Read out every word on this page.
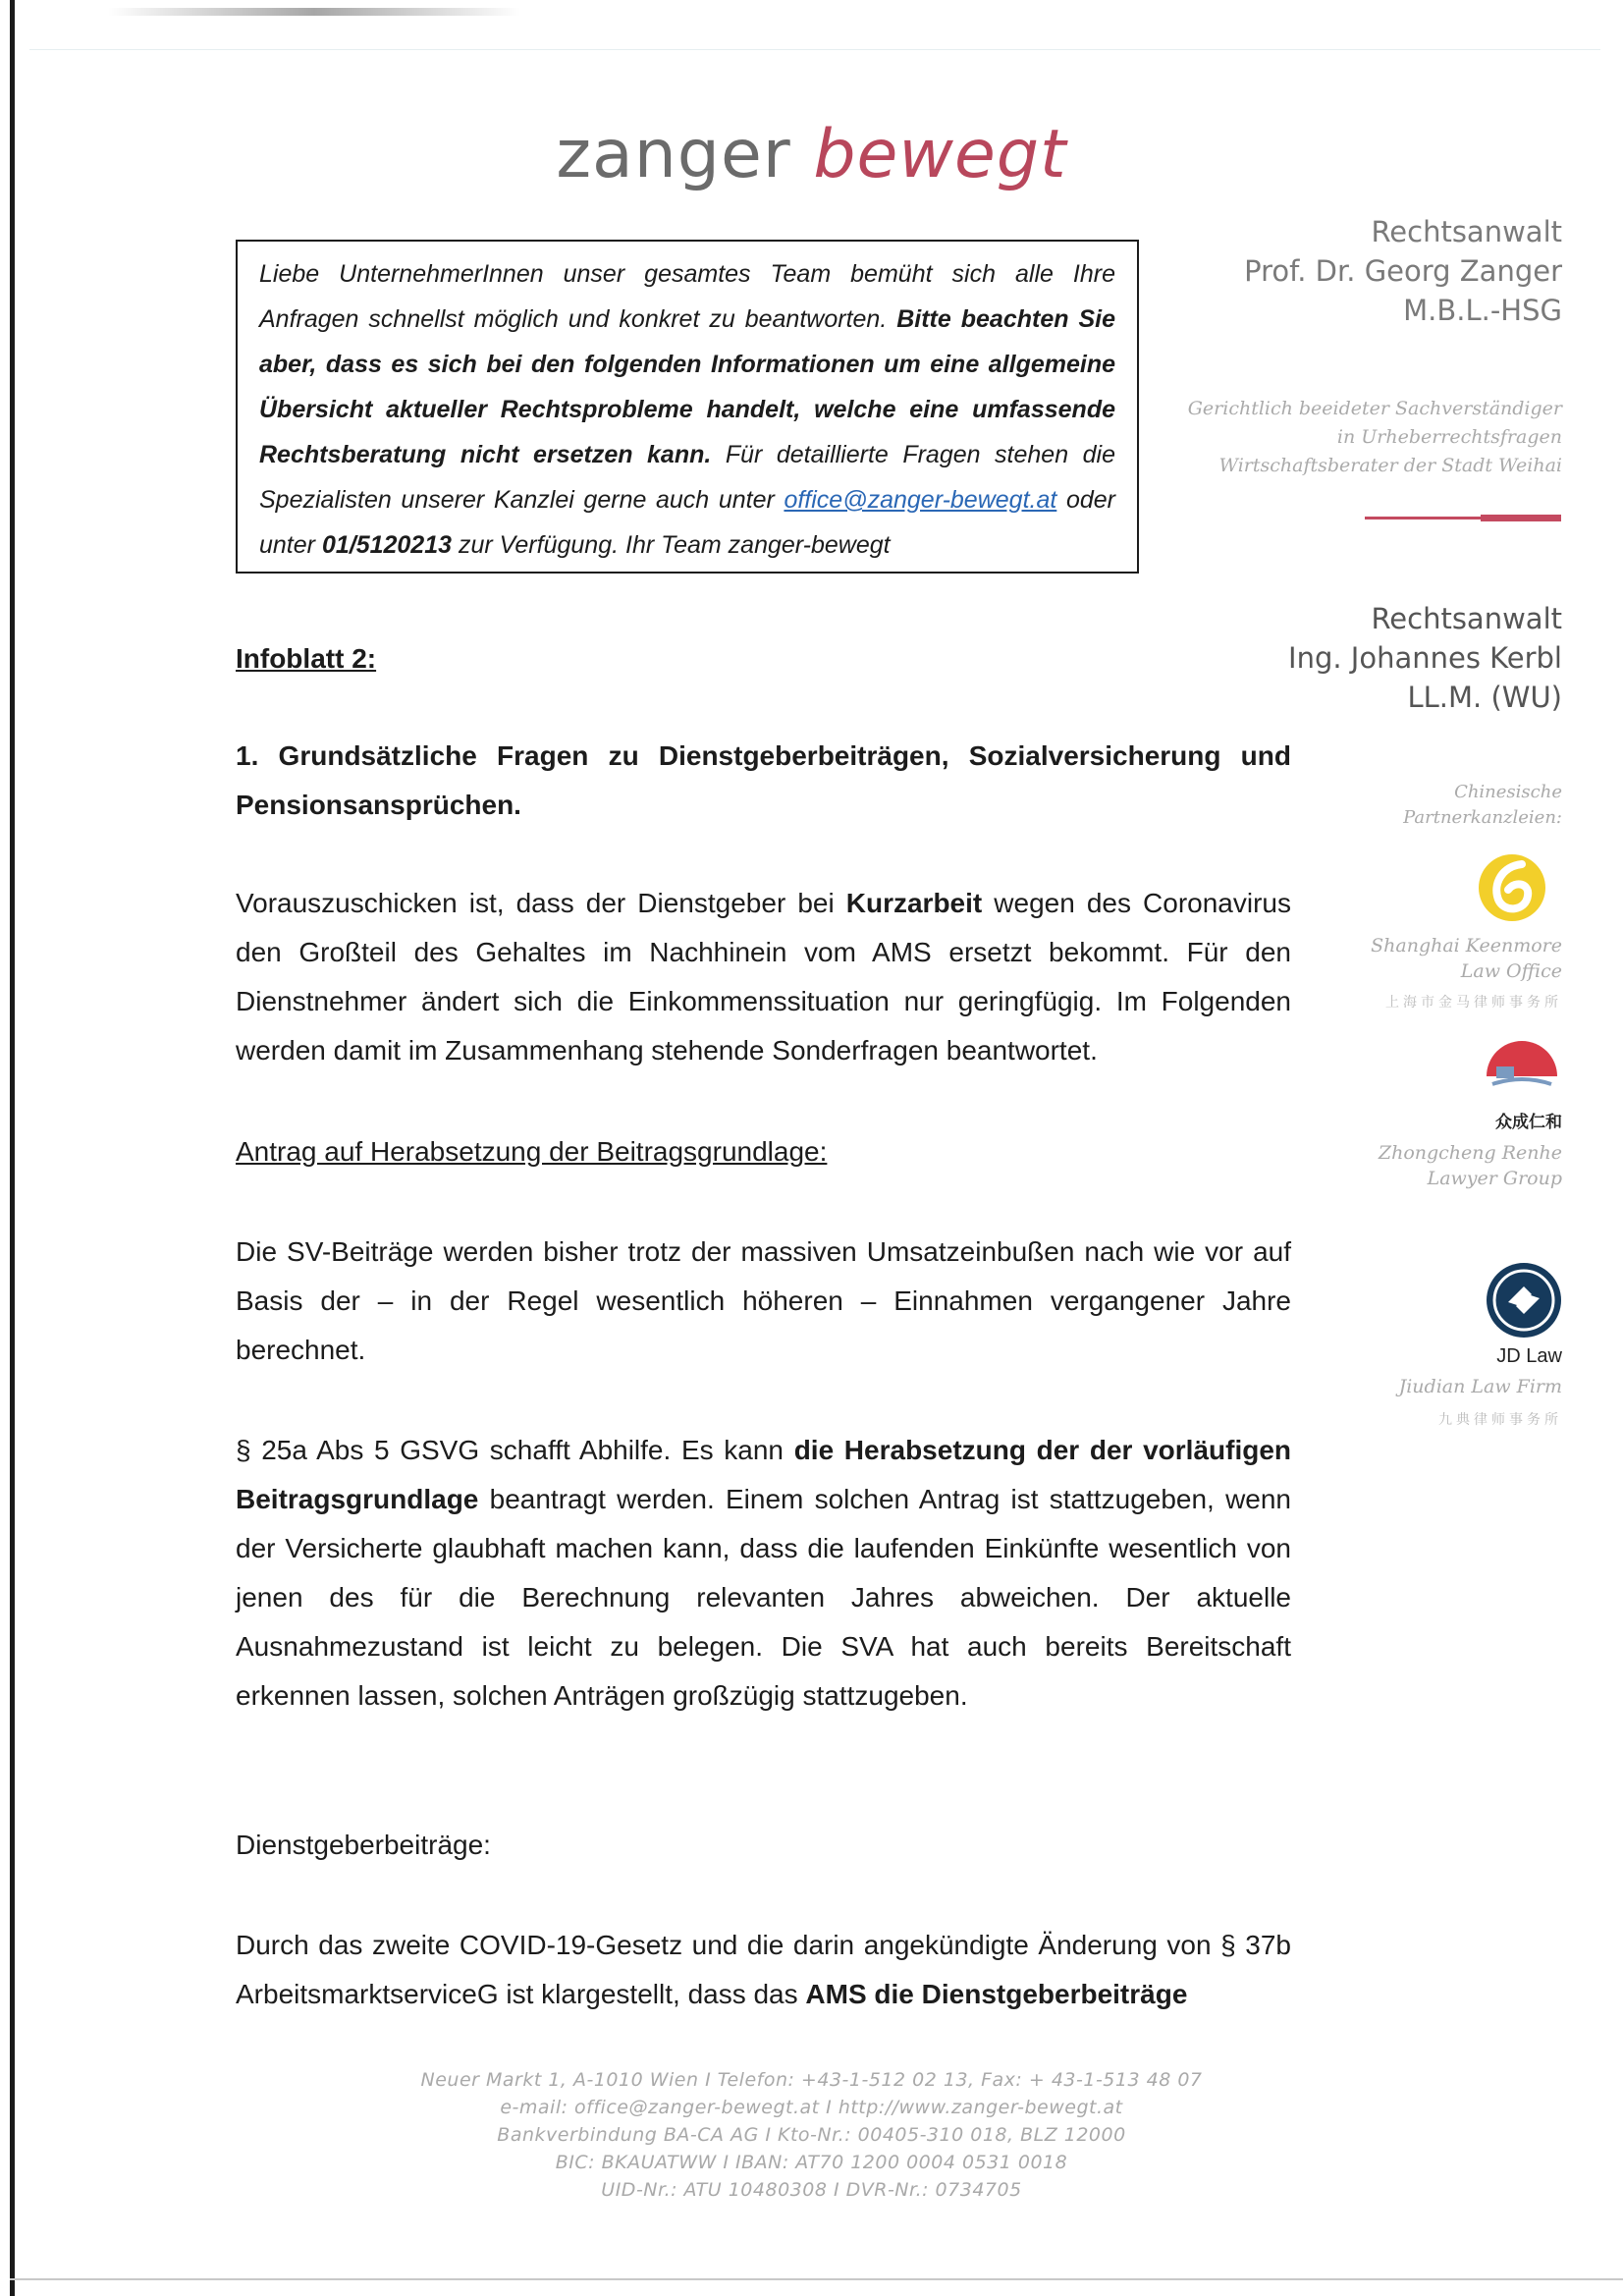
zanger bewegt

Liebe UnternehmerInnen unser gesamtes Team bemüht sich alle Ihre Anfragen schnellst möglich und konkret zu beantworten. Bitte beachten Sie aber, dass es sich bei den folgenden Informationen um eine allgemeine Übersicht aktueller Rechtsprobleme handelt, welche eine umfassende Rechtsberatung nicht ersetzen kann. Für detaillierte Fragen stehen die Spezialisten unserer Kanzlei gerne auch unter office@zanger-bewegt.at oder unter 01/5120213 zur Verfügung. Ihr Team zanger-bewegt

Rechtsanwalt
Prof. Dr. Georg Zanger
M.B.L.-HSG
Gerichtlich beeideter Sachverständiger
in Urheberrechtsfragen
Wirtschaftsberater der Stadt Weihai
Rechtsanwalt
Ing. Johannes Kerbl
LL.M. (WU)
Chinesische
Partnerkanzleien:
Shanghai Keenmore
Law Office
上海市金马律师事务所
众成仁和
Zhongcheng Renhe
Lawyer Group
JD Law
Jiudian Law Firm
九典律师事务所
Infoblatt 2:

1. Grundsätzliche Fragen zu Dienstgeberbeiträgen, Sozialversicherung und Pensionsansprüchen.

Vorauszuschicken ist, dass der Dienstgeber bei Kurzarbeit wegen des Coronavirus den Großteil des Gehaltes im Nachhinein vom AMS ersetzt bekommt. Für den Dienstnehmer ändert sich die Einkommenssituation nur geringfügig. Im Folgenden werden damit im Zusammenhang stehende Sonderfragen beantwortet.

Antrag auf Herabsetzung der Beitragsgrundlage:

Die SV-Beiträge werden bisher trotz der massiven Umsatzeinbußen nach wie vor auf Basis der – in der Regel wesentlich höheren – Einnahmen vergangener Jahre berechnet.

§ 25a Abs 5 GSVG schafft Abhilfe. Es kann die Herabsetzung der der vorläufigen Beitragsgrundlage beantragt werden. Einem solchen Antrag ist stattzugeben, wenn der Versicherte glaubhaft machen kann, dass die laufenden Einkünfte wesentlich von jenen des für die Berechnung relevanten Jahres abweichen. Der aktuelle Ausnahmezustand ist leicht zu belegen. Die SVA hat auch bereits Bereitschaft erkennen lassen, solchen Anträgen großzügig stattzugeben.

Dienstgeberbeiträge:

Durch das zweite COVID-19-Gesetz und die darin angekündigte Änderung von § 37b ArbeitsmarktserviceG ist klargestellt, dass das AMS die Dienstgeberbeiträge

Neuer Markt 1, A-1010 Wien I Telefon: +43-1-512 02 13, Fax: + 43-1-513 48 07
e-mail: office@zanger-bewegt.at I http://www.zanger-bewegt.at
Bankverbindung BA-CA AG I Kto-Nr.: 00405-310 018, BLZ 12000
BIC: BKAUATWW I IBAN: AT70 1200 0004 0531 0018
UID-Nr.: ATU 10480308 I DVR-Nr.: 0734705
